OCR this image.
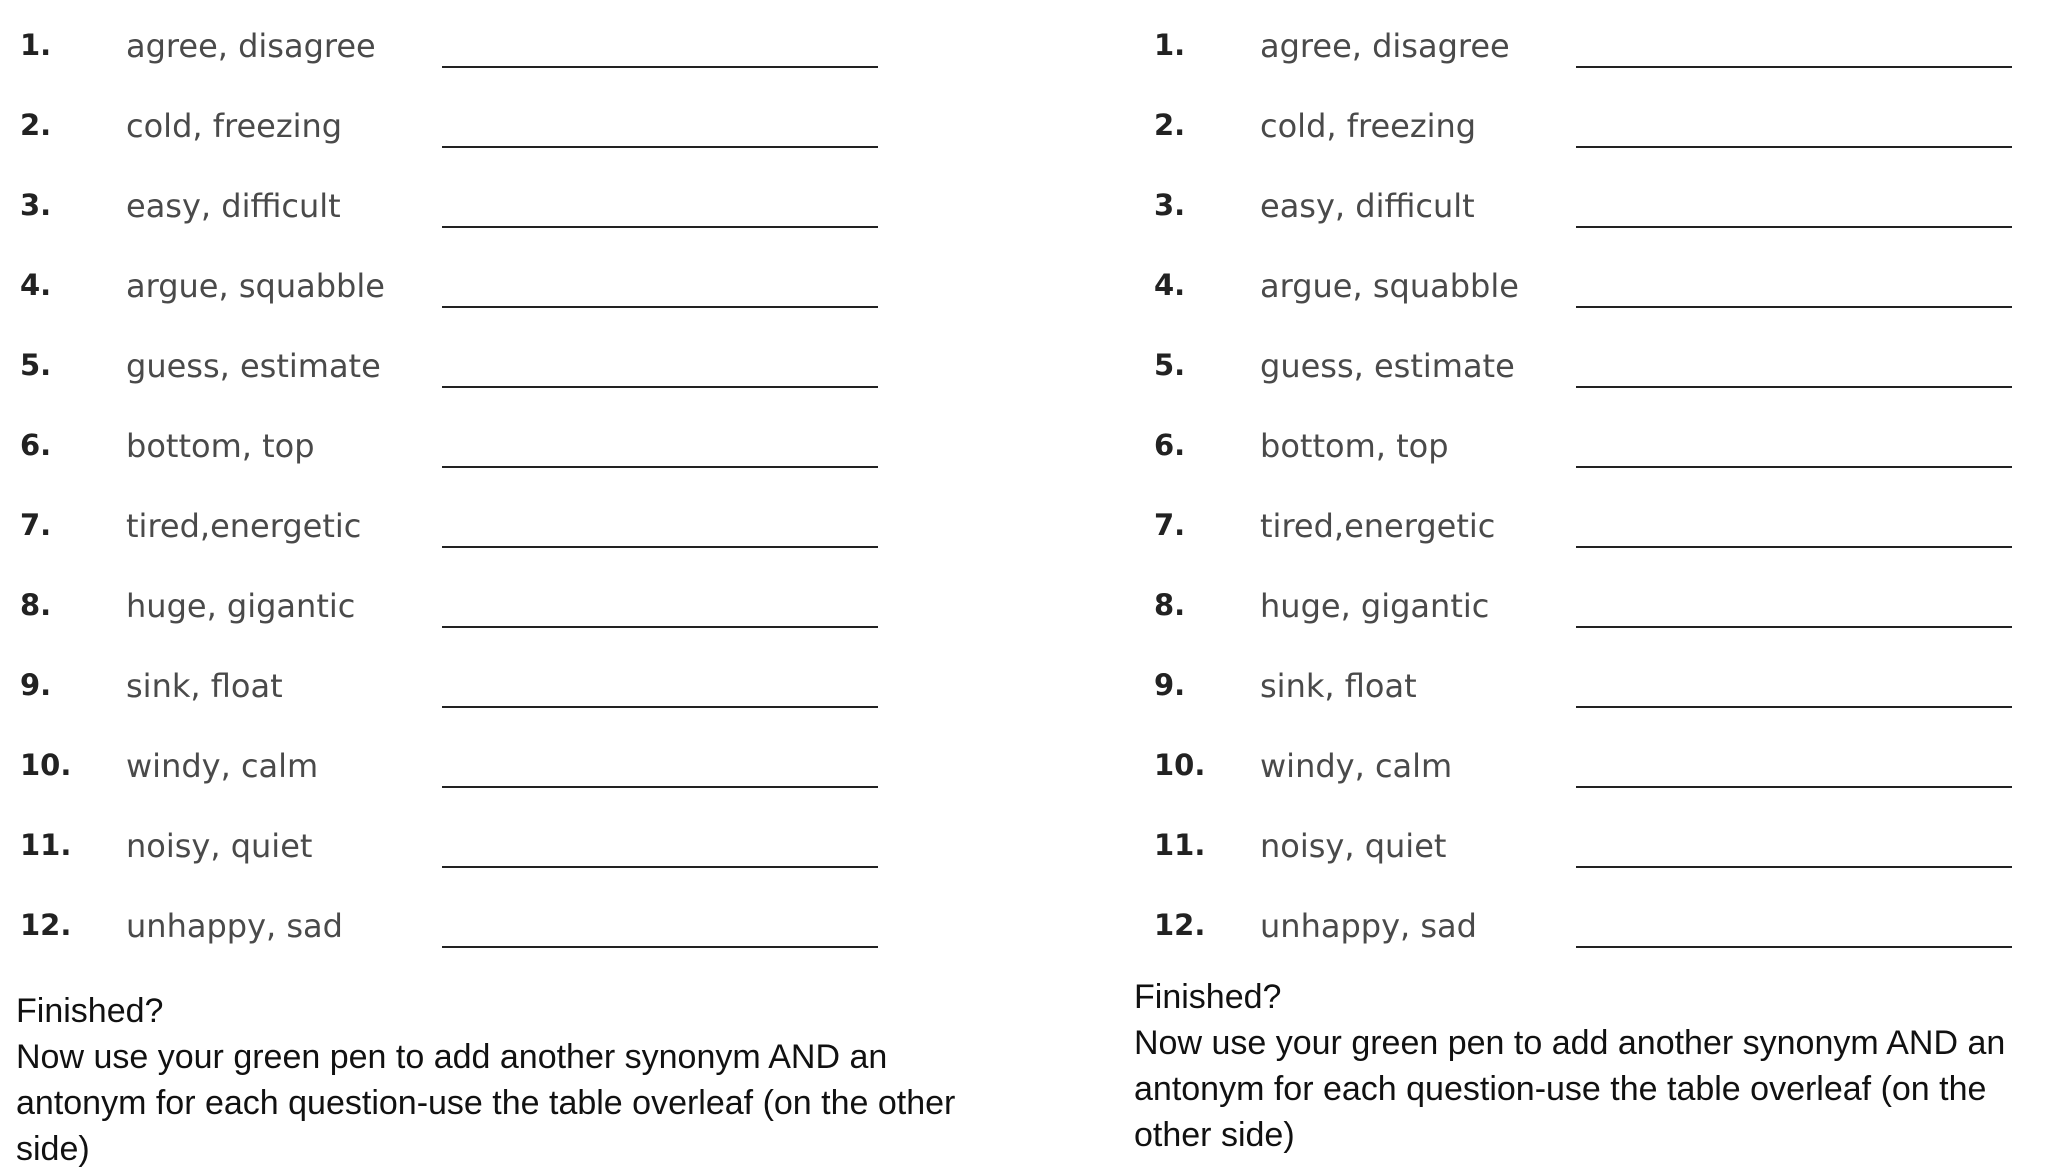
1. agree, disagree
2. cold, freezing
3. easy, difficult
4. argue, squabble
5. guess, estimate
6. bottom, top
7. tired,energetic
8. huge, gigantic
9. sink, float
10. windy, calm
11. noisy, quiet
12. unhappy, sad

Finished?

Now use your green pen to add another synonym AND an antonym for each question-use the table overleaf (on the other side)

1. agree, disagree
2. cold, freezing
3. easy, difficult
4. argue, squabble
5. guess, estimate
6. bottom, top
7. tired,energetic
8. huge, gigantic
9. sink, float
10. windy, calm
11. noisy, quiet
12. unhappy, sad

Finished?

Now use your green pen to add another synonym AND an antonym for each question-use the table overleaf (on the other side)
